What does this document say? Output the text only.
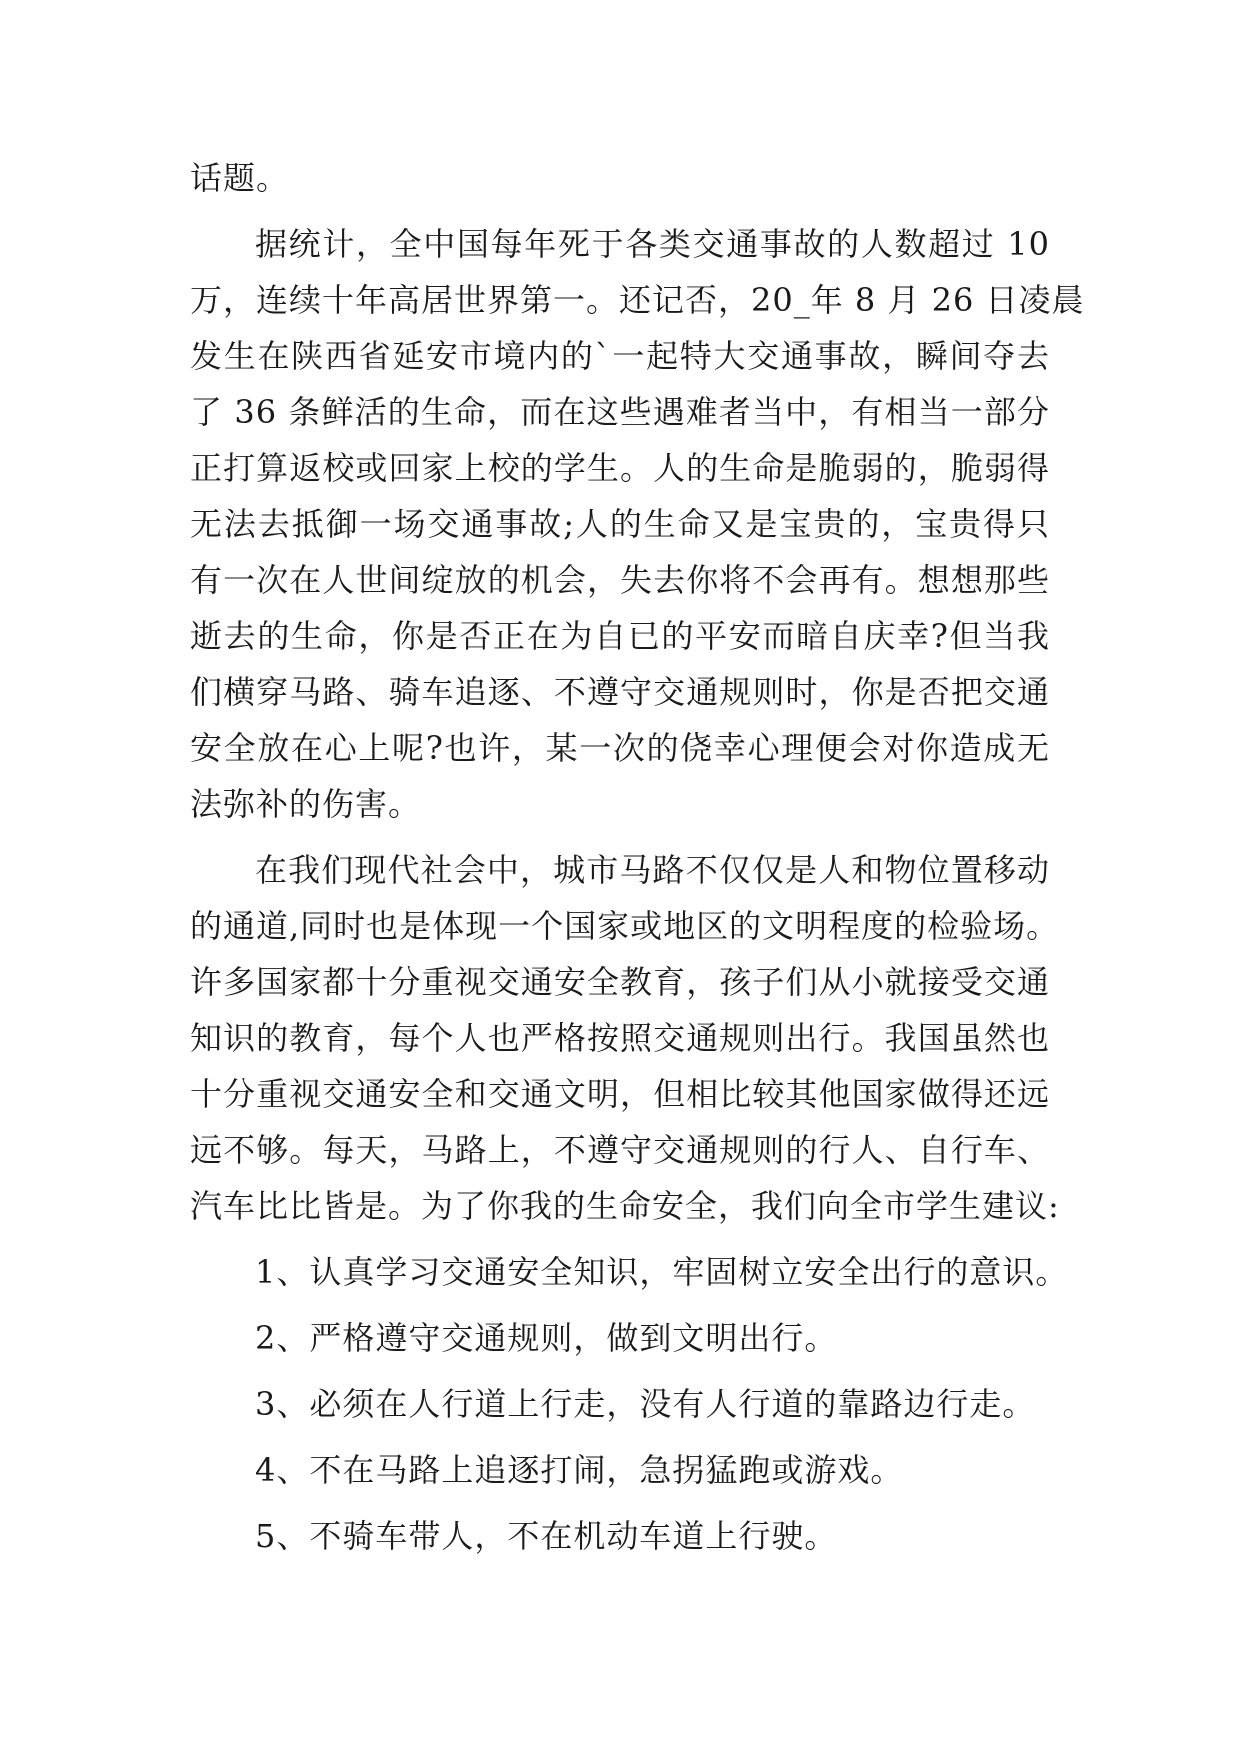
话题。
据统计，全中国每年死于各类交通事故的人数超过 10
万，连续十年高居世界第一。还记否，20_年 8 月 26 日凌晨
发生在陕西省延安市境内的`一起特大交通事故，瞬间夺去
了 36 条鲜活的生命，而在这些遇难者当中，有相当一部分
正打算返校或回家上校的学生。人的生命是脆弱的，脆弱得
无法去抵御一场交通事故;人的生命又是宝贵的，宝贵得只
有一次在人世间绽放的机会，失去你将不会再有。想想那些
逝去的生命，你是否正在为自已的平安而暗自庆幸?但当我
们横穿马路、骑车追逐、不遵守交通规则时，你是否把交通
安全放在心上呢?也许，某一次的侥幸心理便会对你造成无
法弥补的伤害。
在我们现代社会中，城市马路不仅仅是人和物位置移动
的通道,同时也是体现一个国家或地区的文明程度的检验场。
许多国家都十分重视交通安全教育，孩子们从小就接受交通
知识的教育，每个人也严格按照交通规则出行。我国虽然也
十分重视交通安全和交通文明，但相比较其他国家做得还远
远不够。每天，马路上，不遵守交通规则的行人、自行车、
汽车比比皆是。为了你我的生命安全，我们向全市学生建议:
1、认真学习交通安全知识，牢固树立安全出行的意识。
2、严格遵守交通规则，做到文明出行。
3、必须在人行道上行走，没有人行道的靠路边行走。
4、不在马路上追逐打闹，急拐猛跑或游戏。
5、不骑车带人，不在机动车道上行驶。
